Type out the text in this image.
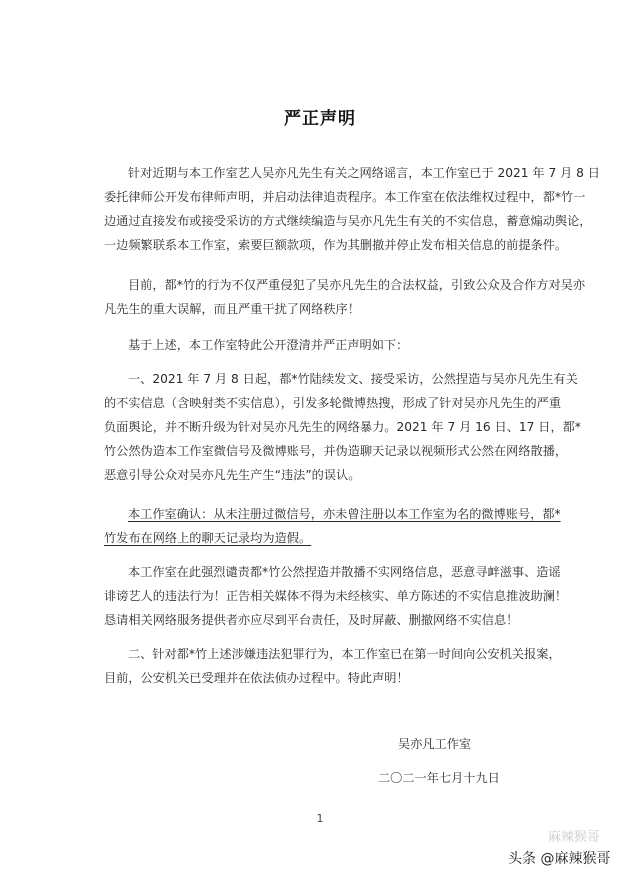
严正声明
针对近期与本工作室艺人吴亦凡先生有关之网络谣言，本工作室已于 2021 年 7 月 8 日
委托律师公开发布律师声明，并启动法律追责程序。本工作室在依法维权过程中，都*竹一
边通过直接发布或接受采访的方式继续编造与吴亦凡先生有关的不实信息，蓄意煽动舆论，
一边频繁联系本工作室，索要巨额款项，作为其删撤并停止发布相关信息的前提条件。
目前，都*竹的行为不仅严重侵犯了吴亦凡先生的合法权益，引致公众及合作方对吴亦
凡先生的重大误解，而且严重干扰了网络秩序！
基于上述，本工作室特此公开澄清并严正声明如下：
一、2021 年 7 月 8 日起，都*竹陆续发文、接受采访，公然捏造与吴亦凡先生有关
的不实信息（含映射类不实信息），引发多轮微博热搜，形成了针对吴亦凡先生的严重
负面舆论，并不断升级为针对吴亦凡先生的网络暴力。2021 年 7 月 16 日、17 日，都*
竹公然伪造本工作室微信号及微博账号，并伪造聊天记录以视频形式公然在网络散播，
恶意引导公众对吴亦凡先生产生“违法”的误认。
本工作室确认：从未注册过微信号，亦未曾注册以本工作室为名的微博账号，都*
竹发布在网络上的聊天记录均为造假。
本工作室在此强烈谴责都*竹公然捏造并散播不实网络信息，恶意寻衅滋事、造谣
诽谤艺人的违法行为！正告相关媒体不得为未经核实、单方陈述的不实信息推波助澜！
恳请相关网络服务提供者亦应尽到平台责任，及时屏蔽、删撤网络不实信息！
二、针对都*竹上述涉嫌违法犯罪行为，本工作室已在第一时间向公安机关报案，
目前，公安机关已受理并在依法侦办过程中。特此声明！
吴亦凡工作室
二〇二一年七月十九日
1
麻辣猴哥
头条 @麻辣猴哥
